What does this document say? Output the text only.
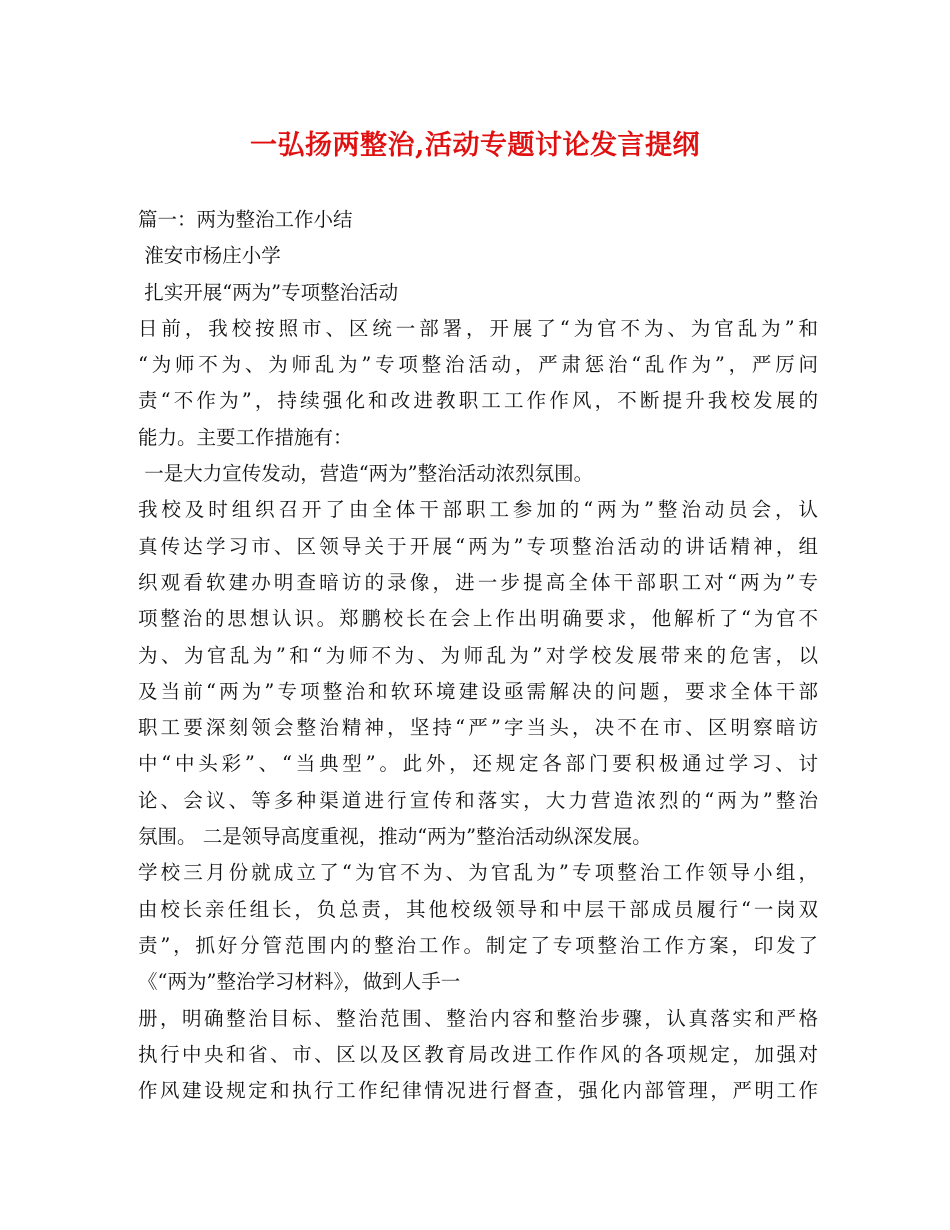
一弘扬两整治,活动专题讨论发言提纲
篇一：两为整治工作小结
淮安市杨庄小学
扎实开展“两为”专项整治活动
日前，我校按照市、区统一部署，开展了“为官不为、为官乱为”和
“为师不为、为师乱为”专项整治活动，严肃惩治“乱作为”，严厉问
责“不作为”，持续强化和改进教职工工作作风，不断提升我校发展的
能力。主要工作措施有：
一是大力宣传发动，营造“两为”整治活动浓烈氛围。
我校及时组织召开了由全体干部职工参加的“两为”整治动员会，认
真传达学习市、区领导关于开展“两为”专项整治活动的讲话精神，组
织观看软建办明查暗访的录像，进一步提高全体干部职工对“两为”专
项整治的思想认识。郑鹏校长在会上作出明确要求，他解析了“为官不
为、为官乱为”和“为师不为、为师乱为”对学校发展带来的危害，以
及当前“两为”专项整治和软环境建设亟需解决的问题，要求全体干部
职工要深刻领会整治精神，坚持“严”字当头，决不在市、区明察暗访
中“中头彩”、“当典型”。此外，还规定各部门要积极通过学习、讨
论、会议、等多种渠道进行宣传和落实，大力营造浓烈的“两为”整治
氛围。 二是领导高度重视，推动“两为”整治活动纵深发展。
学校三月份就成立了“为官不为、为官乱为”专项整治工作领导小组，
由校长亲任组长，负总责，其他校级领导和中层干部成员履行“一岗双
责”，抓好分管范围内的整治工作。制定了专项整治工作方案，印发了
《“两为”整治学习材料》，做到人手一
册，明确整治目标、整治范围、整治内容和整治步骤，认真落实和严格
执行中央和省、市、区以及区教育局改进工作作风的各项规定，加强对
作风建设规定和执行工作纪律情况进行督查，强化内部管理，严明工作
